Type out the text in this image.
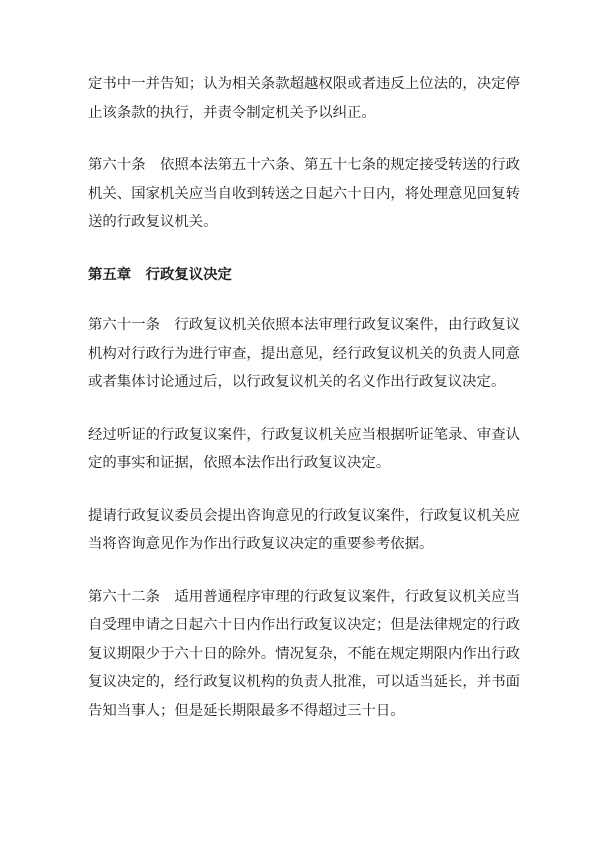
定书中一并告知；认为相关条款超越权限或者违反上位法的，决定停止该条款的执行，并责令制定机关予以纠正。

第六十条　依照本法第五十六条、第五十七条的规定接受转送的行政机关、国家机关应当自收到转送之日起六十日内，将处理意见回复转送的行政复议机关。

第五章　行政复议决定

第六十一条　行政复议机关依照本法审理行政复议案件，由行政复议机构对行政行为进行审查，提出意见，经行政复议机关的负责人同意或者集体讨论通过后，以行政复议机关的名义作出行政复议决定。

经过听证的行政复议案件，行政复议机关应当根据听证笔录、审查认定的事实和证据，依照本法作出行政复议决定。

提请行政复议委员会提出咨询意见的行政复议案件，行政复议机关应当将咨询意见作为作出行政复议决定的重要参考依据。

第六十二条　适用普通程序审理的行政复议案件，行政复议机关应当自受理申请之日起六十日内作出行政复议决定；但是法律规定的行政复议期限少于六十日的除外。情况复杂，不能在规定期限内作出行政复议决定的，经行政复议机构的负责人批准，可以适当延长，并书面告知当事人；但是延长期限最多不得超过三十日。
